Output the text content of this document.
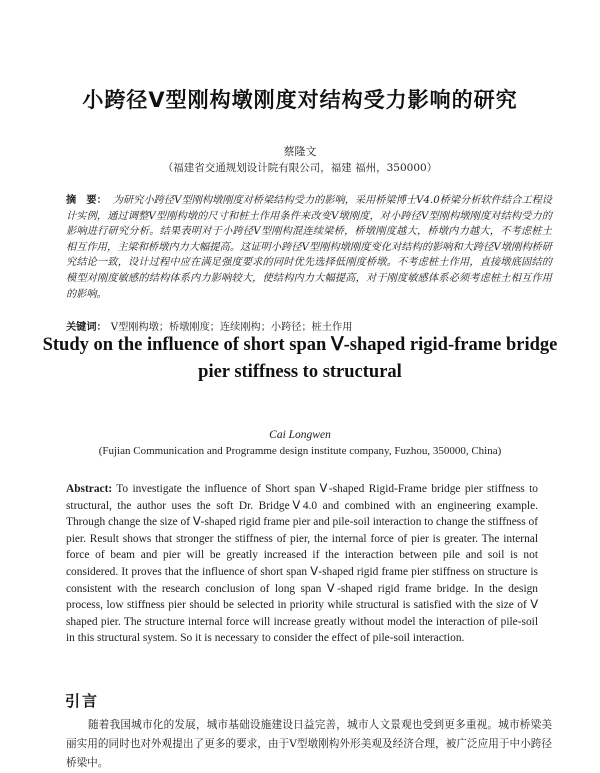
小跨径V型刚构墩刚度对结构受力影响的研究
蔡隆文
（福建省交通规划设计院有限公司，福建 福州，350000）
摘　要： 为研究小跨径V型刚构墩刚度对桥梁结构受力的影响，采用桥梁博士V4.0桥梁分析软件结合工程设计实例，通过调整V型刚构墩的尺寸和桩土作用条件来改变V墩刚度，对小跨径V型刚构墩刚度对结构受力的影响进行研究分析。结果表明对于小跨径V型刚构混连续梁桥，桥墩刚度越大，桥墩内力越大，不考虑桩土相互作用，主梁和桥墩内力大幅提高。这证明小跨径V型刚构墩刚度变化对结构的影响和大跨径V墩刚构桥研究结论一致，设计过程中应在满足强度要求的同时优先选择低刚度桥墩。不考虑桩土作用，直接墩底固结的模型对刚度敏感的结构体系内力影响较大，使结构内力大幅提高，对于刚度敏感体系必须考虑桩土相互作用的影响。
关键词： V型刚构墩；桥墩刚度；连续刚构；小跨径；桩土作用
Study on the influence of short span Ⅴ-shaped rigid-frame bridge pier stiffness to structural
Cai Longwen
(Fujian Communication and Programme design institute company, Fuzhou, 350000, China)
Abstract: To investigate the influence of Short span Ⅴ-shaped Rigid-Frame bridge pier stiffness to structural, the author uses the soft Dr. BridgeⅤ4.0 and combined with an engineering example. Through change the size of Ⅴ-shaped rigid frame pier and pile-soil interaction to change the stiffness of pier. Result shows that stronger the stiffness of pier, the internal force of pier is greater. The internal force of beam and pier will be greatly increased if the interaction between pile and soil is not considered. It proves that the influence of short span Ⅴ-shaped rigid frame pier stiffness on structure is consistent with the research conclusion of long span Ⅴ-shaped rigid frame bridge. In the design process, low stiffness pier should be selected in priority while structural is satisfied with the size of Ⅴ shaped pier. The structure internal force will increase greatly without model the interaction of pile-soil in this structural system. So it is necessary to consider the effect of pile-soil interaction.
引言
随着我国城市化的发展，城市基础设施建设日益完善，城市人文景观也受到更多重视。城市桥梁美丽实用的同时也对外观提出了更多的要求，由于V型墩刚构外形美观及经济合理，被广泛应用于中小跨径桥梁中。
